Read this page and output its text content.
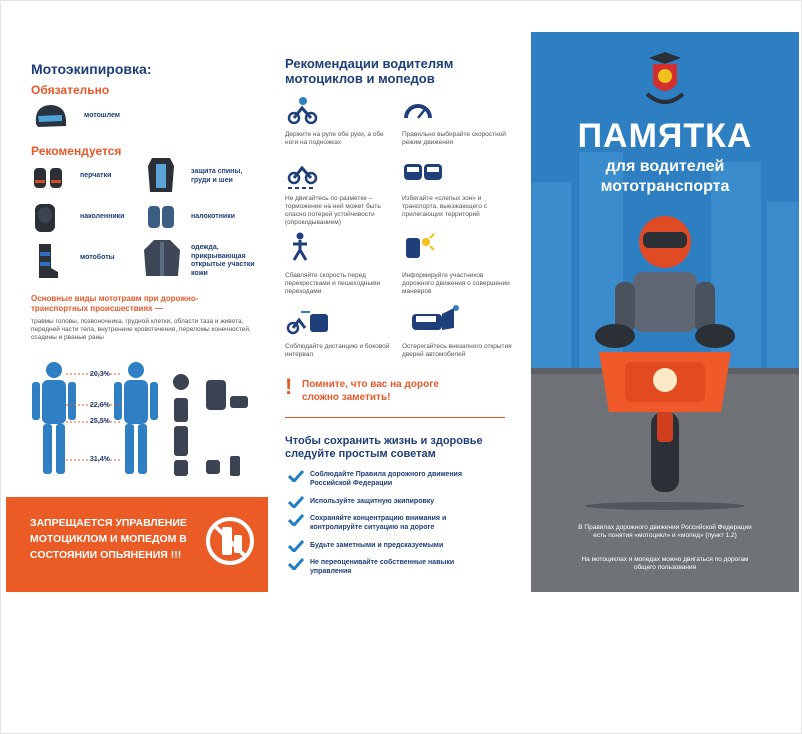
Мотоэкипировка:
Обязательно
мотошлем
Рекомендуется
перчатки
защита спины, груди и шеи
наколенники	налокотники
мотоботы
одежда, прикрывающая открытые участки кожи
Основные виды мототравм при дорожно-транспортных происшествиях —
травмы головы, позвоночника, грудной клетки, области таза и живота, передней части тела, внутренние кровотечения, переломы конечностей, ссадины и рваные раны
20,3%
22,6%
25,5%
31,4%
ЗАПРЕЩАЕТСЯ УПРАВЛЕНИЕ МОТОЦИКЛОМ И МОПЕДОМ В СОСТОЯНИИ ОПЬЯНЕНИЯ !!!
Рекомендации водителям мотоциклов и мопедов
Держите на руле обе руки, а обе ноги на подножках
Правильно выбирайте скоростной режим движения
Не двигайтесь по разметке – торможение на ней может быть опасно потерей устойчивости (опрокидыванием)
Избегайте «слепых зон» и транспорта, выезжающего с прилегающих территорий
Сбавляйте скорость перед перекрестками и пешеходными переходами
Информируйте участников дорожного движения о совершении маневров
Соблюдайте дистанцию и боковой интервал
Остерегайтесь внезапного открытия дверей автомобилей
! Помните, что вас на дороге сложно заметить!
Чтобы сохранить жизнь и здоровье следуйте простым советам
Соблюдайте Правила дорожного движения Российской Федерации
Используйте защитную экипировку
Сохраняйте концентрацию внимания и контролируйте ситуацию на дороге
Будьте заметными и предсказуемыми
Не переоценивайте собственные навыки управления
ПАМЯТКА
для водителей
мототранспорта
В Правилах дорожного движения Российской Федерации есть понятия «мотоцикл» и «мопед» (пункт 1.2)
На мотоциклах и мопедах можно двигаться по дорогам общего пользования
